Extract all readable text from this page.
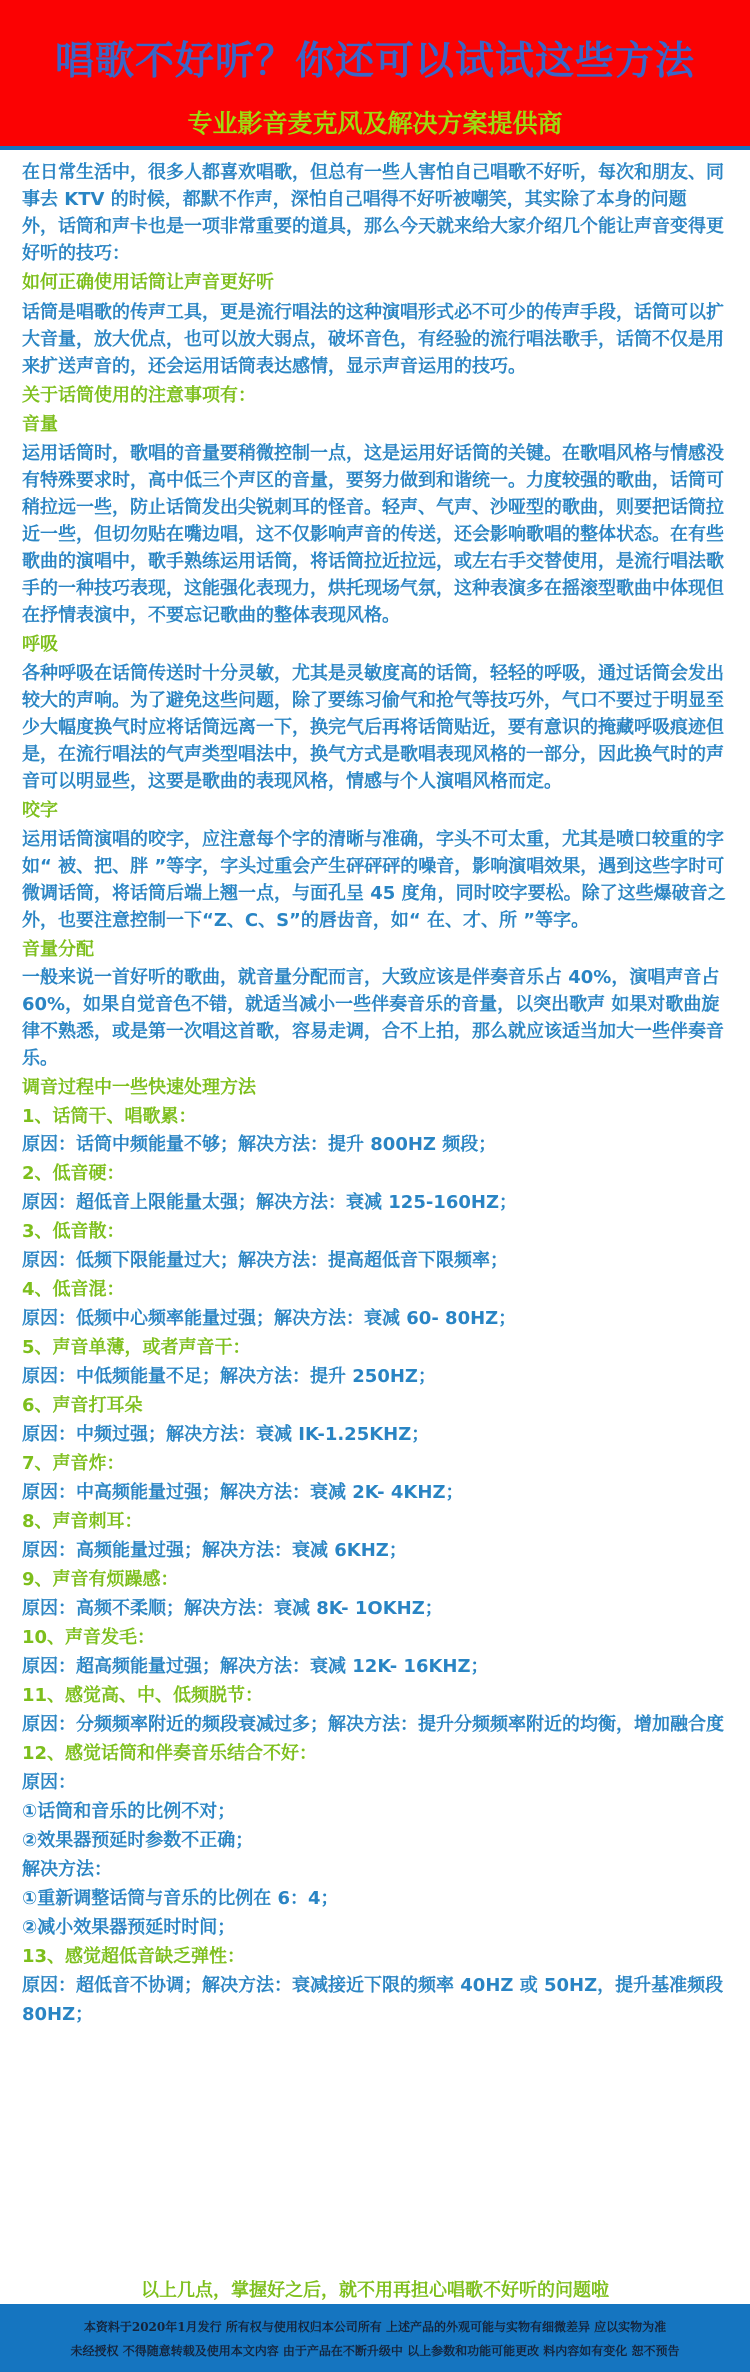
唱歌不好听？你还可以试试这些方法
专业影音麦克风及解决方案提供商
在日常生活中，很多人都喜欢唱歌，但总有一些人害怕自己唱歌不好听，每次和朋友、同
事去 KTV 的时候，都默不作声，深怕自己唱得不好听被嘲笑，其实除了本身的问题
外，话筒和声卡也是一项非常重要的道具，那么今天就来给大家介绍几个能让声音变得更
好听的技巧：
如何正确使用话筒让声音更好听
话筒是唱歌的传声工具，更是流行唱法的这种演唱形式必不可少的传声手段，话筒可以扩
大音量，放大优点，也可以放大弱点，破坏音色，有经验的流行唱法歌手，话筒不仅是用
来扩送声音的，还会运用话筒表达感情，显示声音运用的技巧。
关于话筒使用的注意事项有：
音量
运用话筒时，歌唱的音量要稍微控制一点，这是运用好话筒的关键。在歌唱风格与情感没
有特殊要求时，高中低三个声区的音量，要努力做到和谐统一。力度较强的歌曲，话筒可
稍拉远一些，防止话筒发出尖锐刺耳的怪音。轻声、气声、沙哑型的歌曲，则要把话筒拉
近一些，但切勿贴在嘴边唱，这不仅影响声音的传送，还会影响歌唱的整体状态。在有些
歌曲的演唱中，歌手熟练运用话筒，将话筒拉近拉远，或左右手交替使用，是流行唱法歌
手的一种技巧表现，这能强化表现力，烘托现场气氛，这种表演多在摇滚型歌曲中体现但
在抒情表演中，不要忘记歌曲的整体表现风格。
呼吸
各种呼吸在话筒传送时十分灵敏，尤其是灵敏度高的话筒，轻轻的呼吸，通过话筒会发出
较大的声响。为了避免这些问题，除了要练习偷气和抢气等技巧外，气口不要过于明显至
少大幅度换气时应将话筒远离一下，换完气后再将话筒贴近，要有意识的掩藏呼吸痕迹但
是，在流行唱法的气声类型唱法中，换气方式是歌唱表现风格的一部分，因此换气时的声
音可以明显些，这要是歌曲的表现风格，情感与个人演唱风格而定。
咬字
运用话筒演唱的咬字，应注意每个字的清晰与准确，字头不可太重，尤其是喷口较重的字
如“ 被、把、胖 ”等字，字头过重会产生砰砰砰的噪音，影响演唱效果，遇到这些字时可
微调话筒，将话筒后端上翘一点，与面孔呈 45 度角，同时咬字要松。除了这些爆破音之
外，也要注意控制一下“Z、C、S”的唇齿音，如“ 在、才、所 ”等字。
音量分配
一般来说一首好听的歌曲，就音量分配而言，大致应该是伴奏音乐占 40%，演唱声音占
60%，如果自觉音色不错，就适当减小一些伴奏音乐的音量，以突出歌声 如果对歌曲旋
律不熟悉，或是第一次唱这首歌，容易走调，合不上拍，那么就应该适当加大一些伴奏音
乐。
调音过程中一些快速处理方法
1、话筒干、唱歌累：
原因：话筒中频能量不够；解决方法：提升 800HZ 频段；
2、低音硬：
原因：超低音上限能量太强；解决方法：衰减 125-160HZ；
3、低音散：
原因：低频下限能量过大；解决方法：提高超低音下限频率；
4、低音混：
原因：低频中心频率能量过强；解决方法：衰减 60- 80HZ；
5、声音单薄，或者声音干：
原因：中低频能量不足；解决方法：提升 250HZ；
6、声音打耳朵
原因：中频过强；解决方法：衰减 IK-1.25KHZ；
7、声音炸：
原因：中高频能量过强；解决方法：衰减 2K- 4KHZ；
8、声音刺耳：
原因：高频能量过强；解决方法：衰减 6KHZ；
9、声音有烦躁感：
原因：高频不柔顺；解决方法：衰减 8K- 1OKHZ；
10、声音发毛：
原因：超高频能量过强；解决方法：衰减 12K- 16KHZ；
11、感觉高、中、低频脱节：
原因：分频频率附近的频段衰减过多；解决方法：提升分频频率附近的均衡，增加融合度
12、感觉话筒和伴奏音乐结合不好：
原因：
①话筒和音乐的比例不对；
②效果器预延时参数不正确；
解决方法：
①重新调整话筒与音乐的比例在 6：4；
②减小效果器预延时时间；
13、感觉超低音缺乏弹性：
原因：超低音不协调；解决方法：衰减接近下限的频率 40HZ 或 50HZ，提升基准频段
80HZ；
以上几点，掌握好之后，就不用再担心唱歌不好听的问题啦
本资料于2020年1月发行 所有权与使用权归本公司所有 上述产品的外观可能与实物有细微差异 应以实物为准
未经授权 不得随意转载及使用本文内容 由于产品在不断升级中 以上参数和功能可能更改 料内容如有变化 恕不预告
